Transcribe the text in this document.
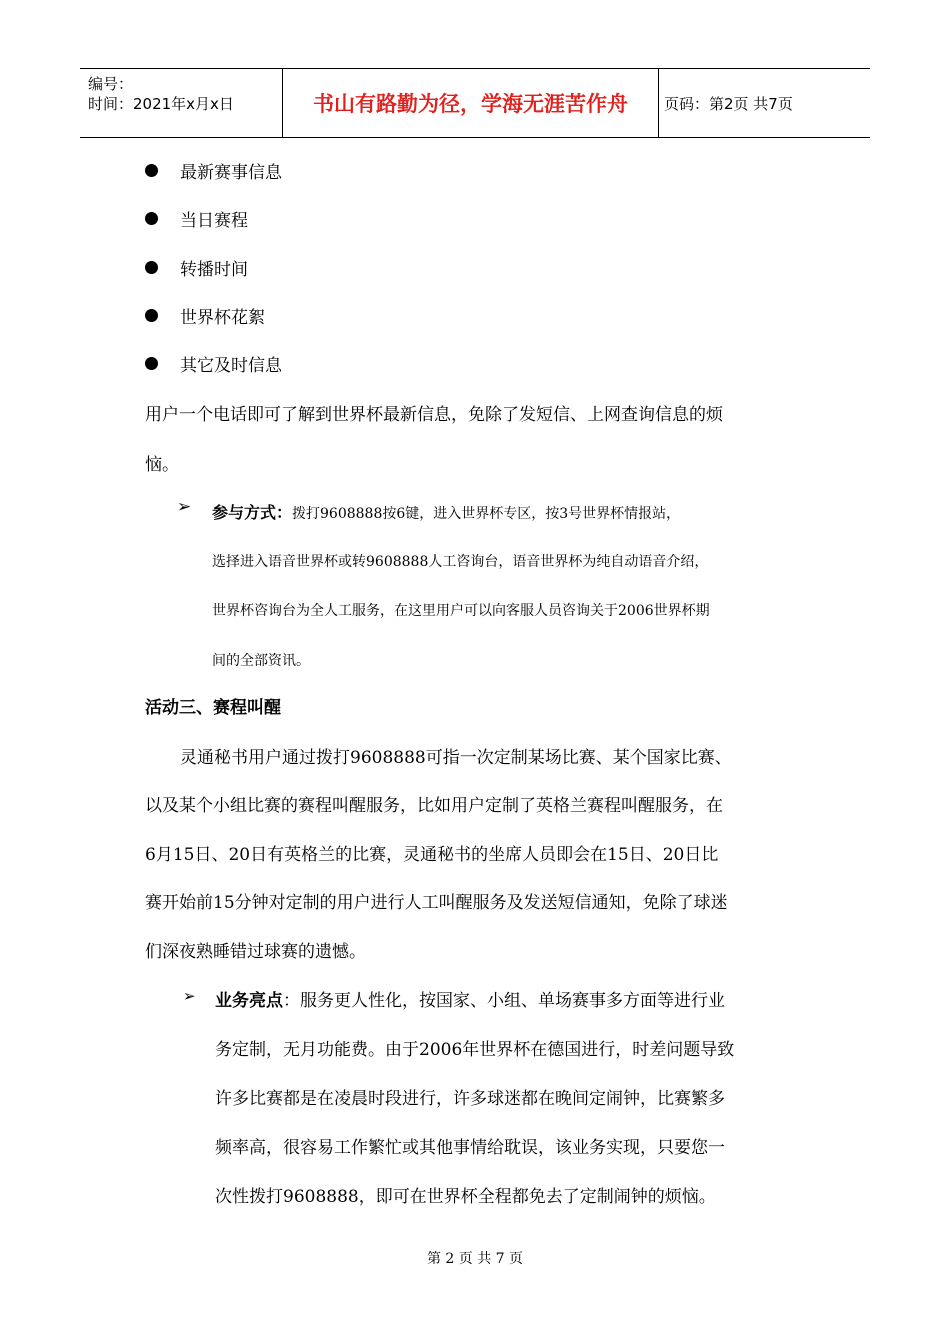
编号：
时间：2021年x月x日	书山有路勤为径，学海无涯苦作舟	页码：第2页 共7页
最新赛事信息
当日赛程
转播时间
世界杯花絮
其它及时信息
用户一个电话即可了解到世界杯最新信息，免除了发短信、上网查询信息的烦
恼。
➢ 参与方式：拨打9608888按6键，进入世界杯专区，按3号世界杯情报站，
选择进入语音世界杯或转9608888人工咨询台，语音世界杯为纯自动语音介绍，
世界杯咨询台为全人工服务，在这里用户可以向客服人员咨询关于2006世界杯期
间的全部资讯。
活动三、赛程叫醒
灵通秘书用户通过拨打9608888可指一次定制某场比赛、某个国家比赛、
以及某个小组比赛的赛程叫醒服务，比如用户定制了英格兰赛程叫醒服务，在
6月15日、20日有英格兰的比赛，灵通秘书的坐席人员即会在15日、20日比
赛开始前15分钟对定制的用户进行人工叫醒服务及发送短信通知，免除了球迷
们深夜熟睡错过球赛的遗憾。
➢ 业务亮点：服务更人性化，按国家、小组、单场赛事多方面等进行业
务定制，无月功能费。由于2006年世界杯在德国进行，时差问题导致
许多比赛都是在凌晨时段进行，许多球迷都在晚间定闹钟，比赛繁多
频率高，很容易工作繁忙或其他事情给耽误，该业务实现，只要您一
次性拨打9608888，即可在世界杯全程都免去了定制闹钟的烦恼。
第 2 页 共 7 页
